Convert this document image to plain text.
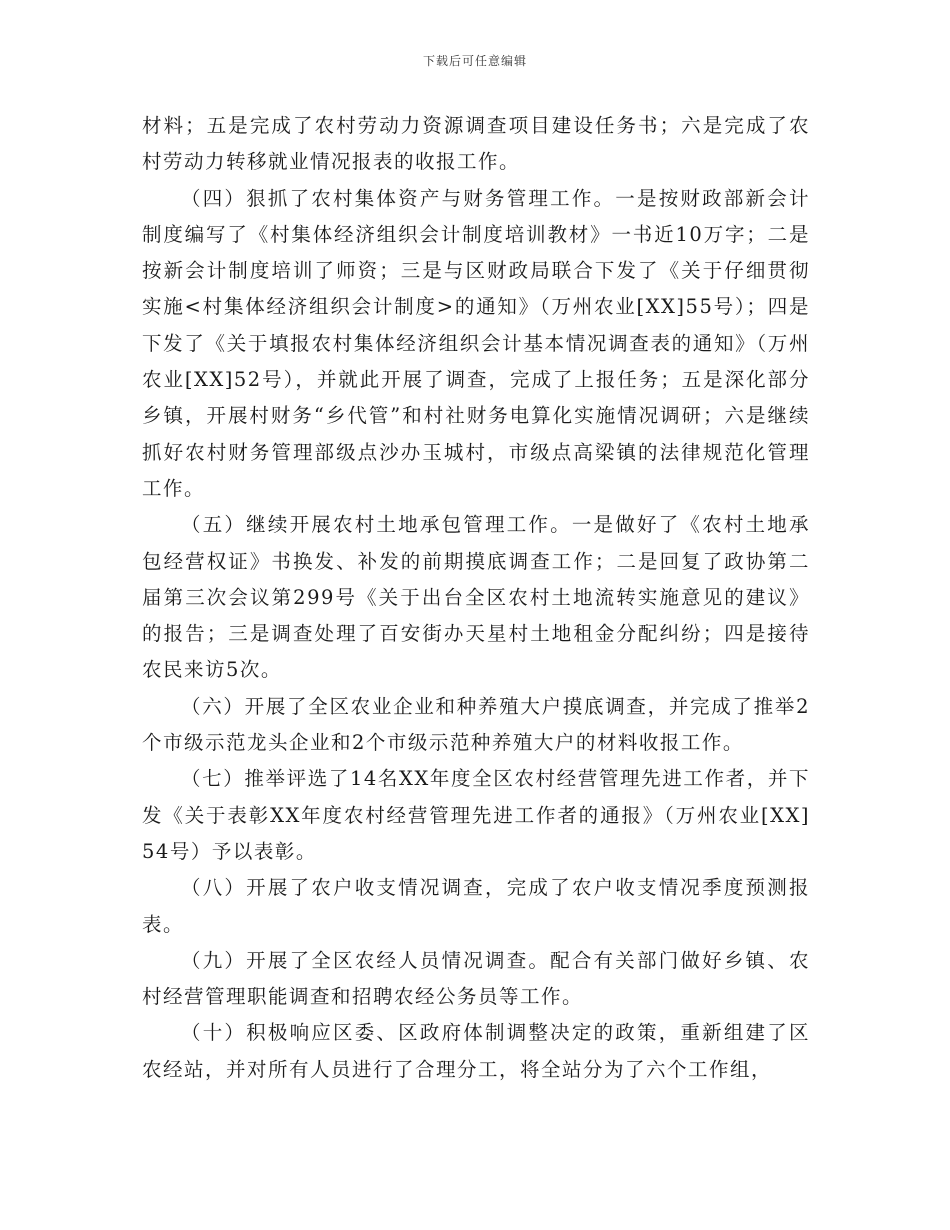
下载后可任意编辑

材料；五是完成了农村劳动力资源调查项目建设任务书；六是完成了农村劳动力转移就业情况报表的收报工作。

（四）狠抓了农村集体资产与财务管理工作。一是按财政部新会计制度编写了《村集体经济组织会计制度培训教材》一书近10万字；二是按新会计制度培训了师资；三是与区财政局联合下发了《关于仔细贯彻实施<村集体经济组织会计制度>的通知》（万州农业[XX]55号）；四是下发了《关于填报农村集体经济组织会计基本情况调查表的通知》（万州农业[XX]52号），并就此开展了调查，完成了上报任务；五是深化部分乡镇，开展村财务“乡代管”和村社财务电算化实施情况调研；六是继续抓好农村财务管理部级点沙办玉城村，市级点高梁镇的法律规范化管理工作。

（五）继续开展农村土地承包管理工作。一是做好了《农村土地承包经营权证》书换发、补发的前期摸底调查工作；二是回复了政协第二届第三次会议第299号《关于出台全区农村土地流转实施意见的建议》的报告；三是调查处理了百安街办天星村土地租金分配纠纷；四是接待农民来访5次。

（六）开展了全区农业企业和种养殖大户摸底调查，并完成了推举2个市级示范龙头企业和2个市级示范种养殖大户的材料收报工作。

（七）推举评选了14名XX年度全区农村经营管理先进工作者，并下发《关于表彰XX年度农村经营管理先进工作者的通报》（万州农业[XX]54号）予以表彰。

（八）开展了农户收支情况调查，完成了农户收支情况季度预测报表。

（九）开展了全区农经人员情况调查。配合有关部门做好乡镇、农村经营管理职能调查和招聘农经公务员等工作。

（十）积极响应区委、区政府体制调整决定的政策，重新组建了区农经站，并对所有人员进行了合理分工，将全站分为了六个工作组，
